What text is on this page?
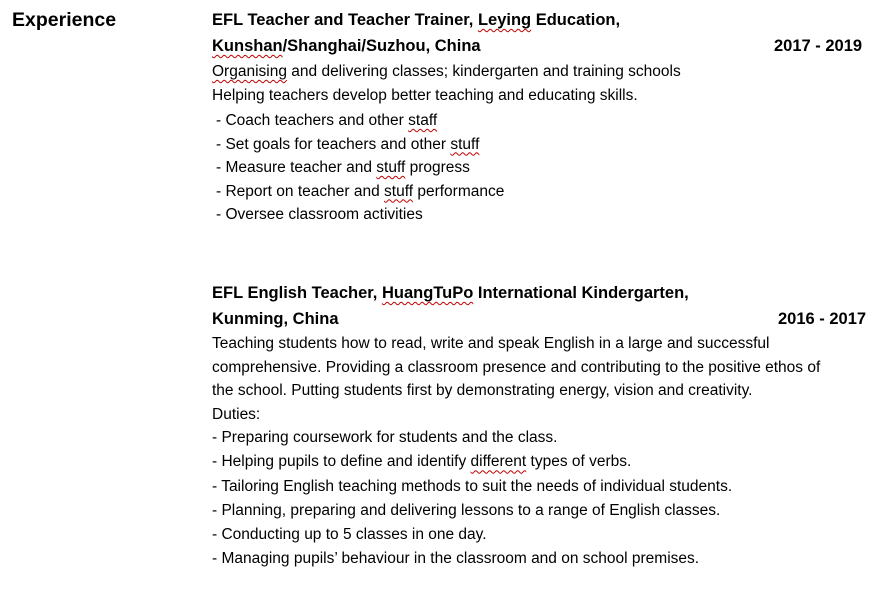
Experience	EFL Teacher and Teacher Trainer, Leying Education,
Kunshan/Shanghai/Suzhou, China	2017 - 2019

Organising and delivering classes; kindergarten and training schools

Helping teachers develop better teaching and educating skills.

- Coach teachers and other staff
- Set goals for teachers and other stuff
- Measure teacher and stuff progress
- Report on teacher and stuff performance
- Oversee classroom activities
EFL English Teacher, HuangTuPo International Kindergarten,
Kunming, China	2016 - 2017

Teaching students how to read, write and speak English in a large and successful

comprehensive. Providing a classroom presence and contributing to the positive ethos of

the school. Putting students first by demonstrating energy, vision and creativity.

Duties:

- Preparing coursework for students and the class.
- Helping pupils to define and identify different types of verbs.
- Tailoring English teaching methods to suit the needs of individual students.
- Planning, preparing and delivering lessons to a range of English classes.
- Conducting up to 5 classes in one day.
- Managing pupils’ behaviour in the classroom and on school premises.
